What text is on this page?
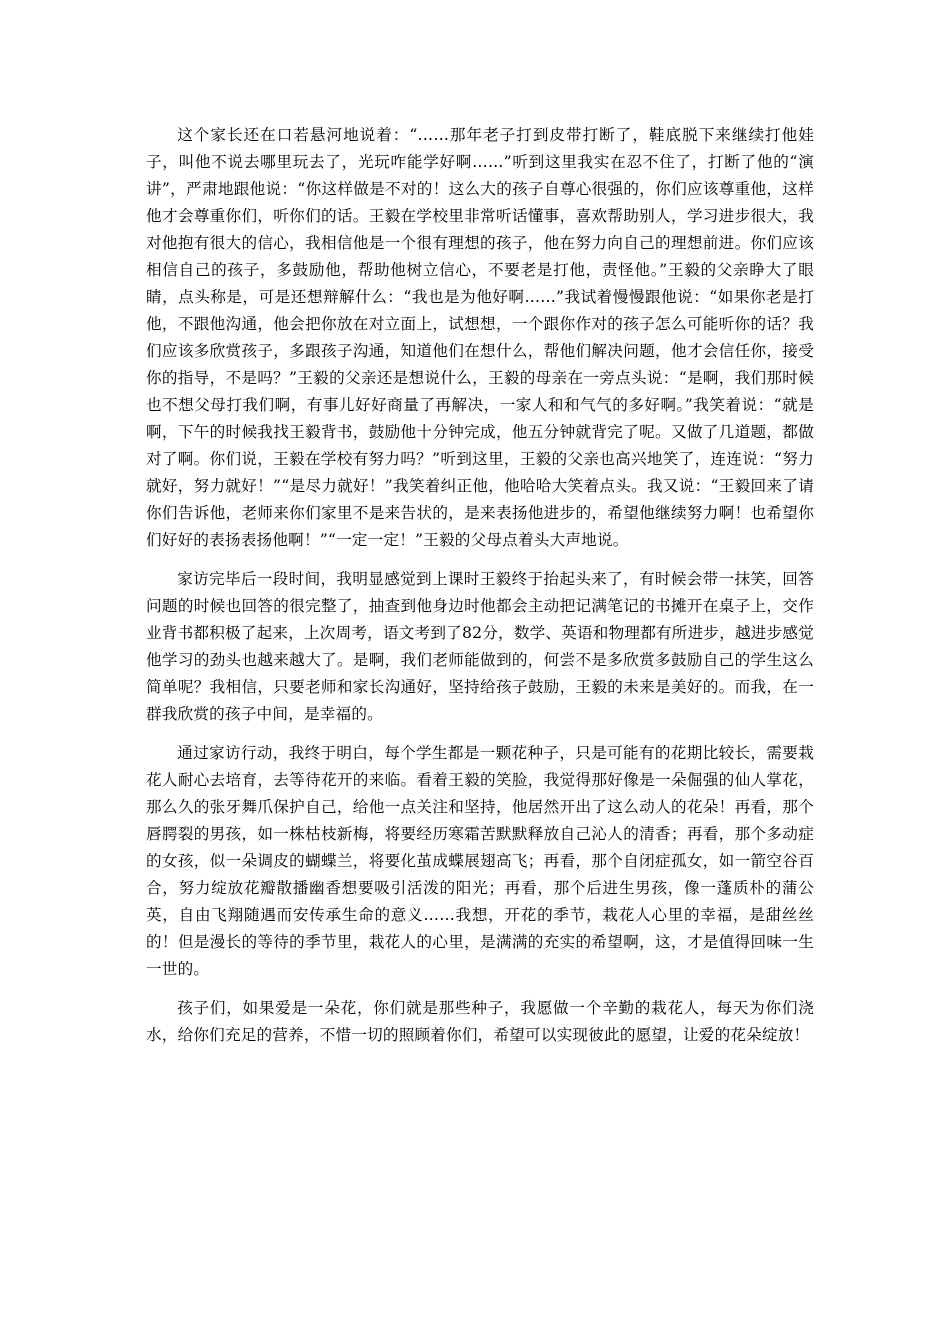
这个家长还在口若悬河地说着：“……那年老子打到皮带打断了，鞋底脱下来继续打他娃子，叫他不说去哪里玩去了，光玩咋能学好啊……”听到这里我实在忍不住了，打断了他的“演讲”，严肃地跟他说：“你这样做是不对的！这么大的孩子自尊心很强的，你们应该尊重他，这样他才会尊重你们，听你们的话。王毅在学校里非常听话懂事，喜欢帮助别人，学习进步很大，我对他抱有很大的信心，我相信他是一个很有理想的孩子，他在努力向自己的理想前进。你们应该相信自己的孩子，多鼓励他，帮助他树立信心，不要老是打他，责怪他。”王毅的父亲睁大了眼睛，点头称是，可是还想辩解什么：“我也是为他好啊……”我试着慢慢跟他说：“如果你老是打他，不跟他沟通，他会把你放在对立面上，试想想，一个跟你作对的孩子怎么可能听你的话？我们应该多欣赏孩子，多跟孩子沟通，知道他们在想什么，帮他们解决问题，他才会信任你，接受你的指导，不是吗？”王毅的父亲还是想说什么，王毅的母亲在一旁点头说：“是啊，我们那时候也不想父母打我们啊，有事儿好好商量了再解决，一家人和和气气的多好啊。”我笑着说：“就是啊，下午的时候我找王毅背书，鼓励他十分钟完成，他五分钟就背完了呢。又做了几道题，都做对了啊。你们说，王毅在学校有努力吗？”听到这里，王毅的父亲也高兴地笑了，连连说：“努力就好，努力就好！”“是尽力就好！”我笑着纠正他，他哈哈大笑着点头。我又说：“王毅回来了请你们告诉他，老师来你们家里不是来告状的，是来表扬他进步的，希望他继续努力啊！也希望你们好好的表扬表扬他啊！”“一定一定！”王毅的父母点着头大声地说。

家访完毕后一段时间，我明显感觉到上课时王毅终于抬起头来了，有时候会带一抹笑，回答问题的时候也回答的很完整了，抽查到他身边时他都会主动把记满笔记的书摊开在桌子上，交作业背书都积极了起来，上次周考，语文考到了82分，数学、英语和物理都有所进步，越进步感觉他学习的劲头也越来越大了。是啊，我们老师能做到的，何尝不是多欣赏多鼓励自己的学生这么简单呢？我相信，只要老师和家长沟通好，坚持给孩子鼓励，王毅的未来是美好的。而我，在一群我欣赏的孩子中间，是幸福的。

通过家访行动，我终于明白，每个学生都是一颗花种子，只是可能有的花期比较长，需要栽花人耐心去培育，去等待花开的来临。看着王毅的笑脸，我觉得那好像是一朵倔强的仙人掌花，那么久的张牙舞爪保护自己，给他一点关注和坚持，他居然开出了这么动人的花朵！再看，那个唇腭裂的男孩，如一株枯枝新梅，将要经历寒霜苦默默释放自己沁人的清香；再看，那个多动症的女孩，似一朵调皮的蝴蝶兰，将要化茧成蝶展翅高飞；再看，那个自闭症孤女，如一箭空谷百合，努力绽放花瓣散播幽香想要吸引活泼的阳光；再看，那个后进生男孩，像一蓬质朴的蒲公英，自由飞翔随遇而安传承生命的意义……我想，开花的季节，栽花人心里的幸福，是甜丝丝的！但是漫长的等待的季节里，栽花人的心里，是满满的充实的希望啊，这，才是值得回味一生一世的。

孩子们，如果爱是一朵花，你们就是那些种子，我愿做一个辛勤的栽花人，每天为你们浇水，给你们充足的营养，不惜一切的照顾着你们，希望可以实现彼此的愿望，让爱的花朵绽放！
